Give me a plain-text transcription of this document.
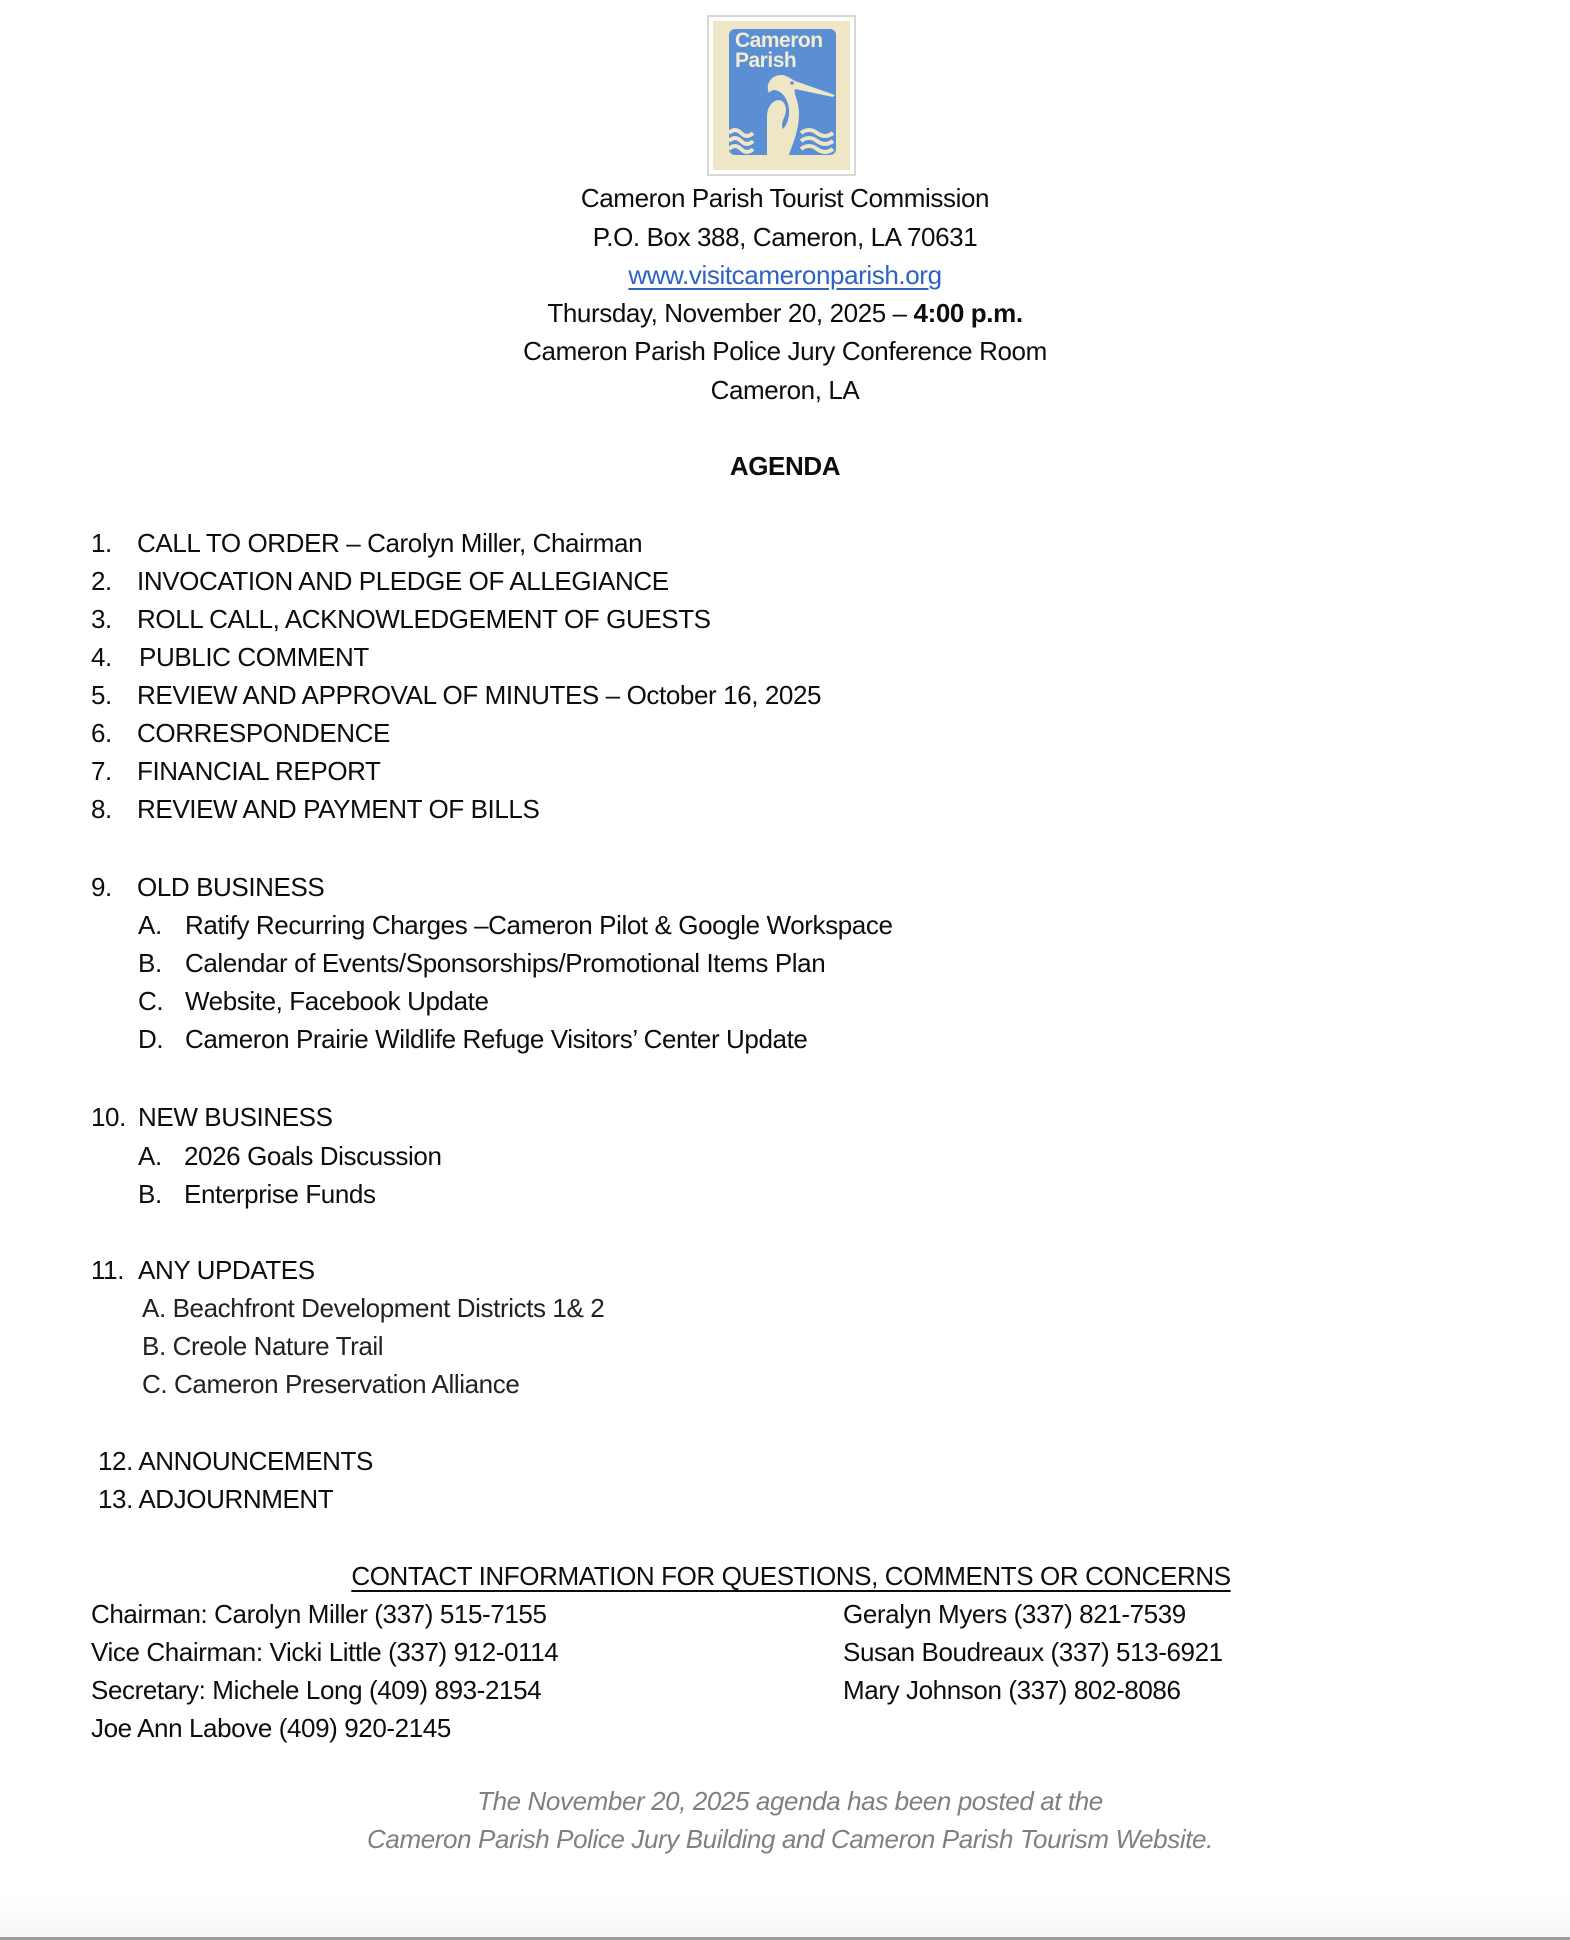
Cameron
Parish
Cameron Parish Tourist Commission
P.O. Box 388, Cameron, LA 70631
www.visitcameronparish.org
Thursday, November 20, 2025 – 4:00 p.m.
Cameron Parish Police Jury Conference Room
Cameron, LA
AGENDA
1. CALL TO ORDER – Carolyn Miller, Chairman
2. INVOCATION AND PLEDGE OF ALLEGIANCE
3. ROLL CALL, ACKNOWLEDGEMENT OF GUESTS
4. PUBLIC COMMENT
5. REVIEW AND APPROVAL OF MINUTES – October 16, 2025
6. CORRESPONDENCE
7. FINANCIAL REPORT
8. REVIEW AND PAYMENT OF BILLS
9. OLD BUSINESS
A. Ratify Recurring Charges –Cameron Pilot & Google Workspace
B. Calendar of Events/Sponsorships/Promotional Items Plan
C. Website, Facebook Update
D. Cameron Prairie Wildlife Refuge Visitors’ Center Update
10. NEW BUSINESS
A. 2026 Goals Discussion
B. Enterprise Funds
11. ANY UPDATES
A. Beachfront Development Districts 1& 2
B. Creole Nature Trail
C. Cameron Preservation Alliance
12. ANNOUNCEMENTS
13. ADJOURNMENT
CONTACT INFORMATION FOR QUESTIONS, COMMENTS OR CONCERNS
Chairman: Carolyn Miller (337) 515-7155
Vice Chairman: Vicki Little (337) 912-0114
Secretary: Michele Long (409) 893-2154
Joe Ann Labove (409) 920-2145
Geralyn Myers (337) 821-7539
Susan Boudreaux (337) 513-6921
Mary Johnson (337) 802-8086
The November 20, 2025 agenda has been posted at the
Cameron Parish Police Jury Building and Cameron Parish Tourism Website.
